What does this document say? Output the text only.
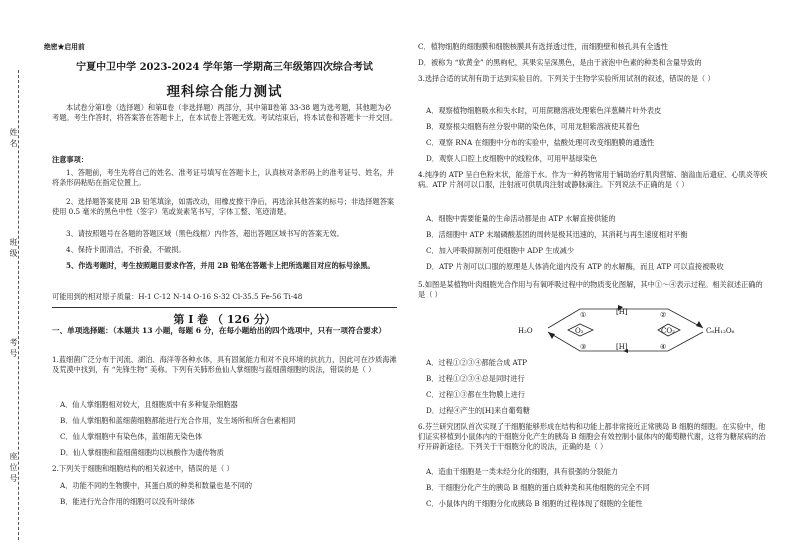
姓名
班级
考号
座位号
绝密★启用前
宁夏中卫中学 2023-2024 学年第一学期高三年级第四次综合考试
理科综合能力测试
本试卷分第Ⅰ卷（选择题）和第Ⅱ卷（非选择题）两部分，其中第Ⅱ卷第 33-38 题为选考题，其他题为必考题。考生作答时，将答案答在答题卡上，在本试卷上答题无效。考试结束后，将本试卷和答题卡一并交回。
注意事项：
1、答题前，考生先将自己的姓名、准考证号填写在答题卡上，认真核对条形码上的准考证号、姓名，并将条形码粘贴在指定位置上。
2、选择题答案使用 2B 铅笔填涂，如需改动，用橡皮擦干净后，再选涂其他答案的标号；非选择题答案使用 0.5 毫米的黑色中性（签字）笔或炭素笔书写，字体工整、笔迹清楚。
3、请按照题号在各题的答题区域（黑色线框）内作答，超出答题区域书写的答案无效。
4、保持卡面清洁，不折叠，不破损。
5、作选考题时，考生按照题目要求作答，并用 2B 铅笔在答题卡上把所选题目对应的标号涂黑。
可能用到的相对原子质量：H-1 C-12 N-14 O-16 S-32 Cl-35.5 Fe-56 Ti-48
第 Ⅰ 卷 （ 126 分）
一、单项选择题：（本题共 13 小题，每题 6 分，在每小题给出的四个选项中，只有一项符合要求）
1.蓝细菌广泛分布于河流、湖泊、海洋等各种水体，具有固氮能力和对不良环境的抗抗力，因此可在沙质海滩及荒漠中找到，有 “先锋生物” 美称。下列有关肺形鱼仙人掌细胞与蓝细菌细胞的说法，错误的是（ ）
A．仙人掌细胞相对较大，且细胞质中有多种复杂细胞器
B．仙人掌细胞和蓝细菌细胞都能进行光合作用，发生场所和所含色素相同
C．仙人掌细胞中有染色体，蓝细菌无染色体
D．仙人掌细胞和蓝细菌细胞均以核酸作为遗传物质
2.下列关于细胞和细胞结构的相关叙述中，错误的是（ ）
A．功能不同的生物膜中，其蛋白质的种类和数量也是不同的
B．能进行光合作用的细胞可以没有叶绿体
C．植物细胞的细胞膜和细胞核膜具有选择透过性，而细胞壁和核孔具有全透性
D．被称为 “软黄金” 的黑枸杞，其果实呈深黑色，是由于液泡中色素的种类和含量导致的
3.选择合适的试剂有助于达到实验目的。下列关于生物学实验所用试剂的叙述，错误的是（ ）
A．观察植物细胞吸水和失水时，可用蔗糖溶液处理紫色洋葱鳞片叶外表皮
B．观察根尖细胞有丝分裂中期的染色体，可用龙胆紫溶液使其着色
C．观察 RNA 在细胞中分布的实验中，盐酸处理可改变细胞膜的通透性
D．观察人口腔上皮细胞中的线粒体，可用甲基绿染色
4.纯净的 ATP 呈白色粉末状，能溶于水。作为一种药物常用于辅助治疗肌肉营缩、脑溢血后遗症、心肌炎等疾病。ATP 片剂可以口服，注射液可供肌肉注射或静脉滴注。下列说法不正确的是（ ）
A．细胞中需要能量的生命活动都是由 ATP 水解直接供能的
B．活细胞中 ATP 末端磷酸基团的周转是极其迅速的，其消耗与再生速度相对平衡
C．加入呼吸抑制剂可使细胞中 ADP 生成减少
D．ATP 片剂可以口服的原理是人体消化道内没有 ATP 的水解酶，而且 ATP 可以直接被吸收
5.如图是某植物叶肉细胞光合作用与有氧呼吸过程中的物质变化图解，其中①～④表示过程。相关叙述正确的是（ ）
H₂O	O₂	CO₂	C₆H₁₂O₆
[H]
[H]
①	②
③	④
A．过程①②③④都能合成 ATP
B．过程①②③④总是同时进行
C．过程①③都在生物膜上进行
D．过程④产生的[H]来自葡萄糖
6.芬兰研究团队首次实现了干细胞能够形成在结构和功能上都非常接近正常胰岛 B 细胞的细胞。在实验中，他们证实移植到小鼠体内的干细胞分化产生的胰岛 B 细胞会有效控制小鼠体内的葡萄糖代谢，这将为糖尿病的治疗开辟新途径。下列关于干细胞分化的说法，正确的是（ ）
A．造血干细胞是一类未经分化的细胞，具有很强的分裂能力
B．干细胞分化产生的胰岛 B 细胞的蛋白质种类和其他细胞的完全不同
C．小鼠体内的干细胞分化成胰岛 B 细胞的过程体现了细胞的全能性
